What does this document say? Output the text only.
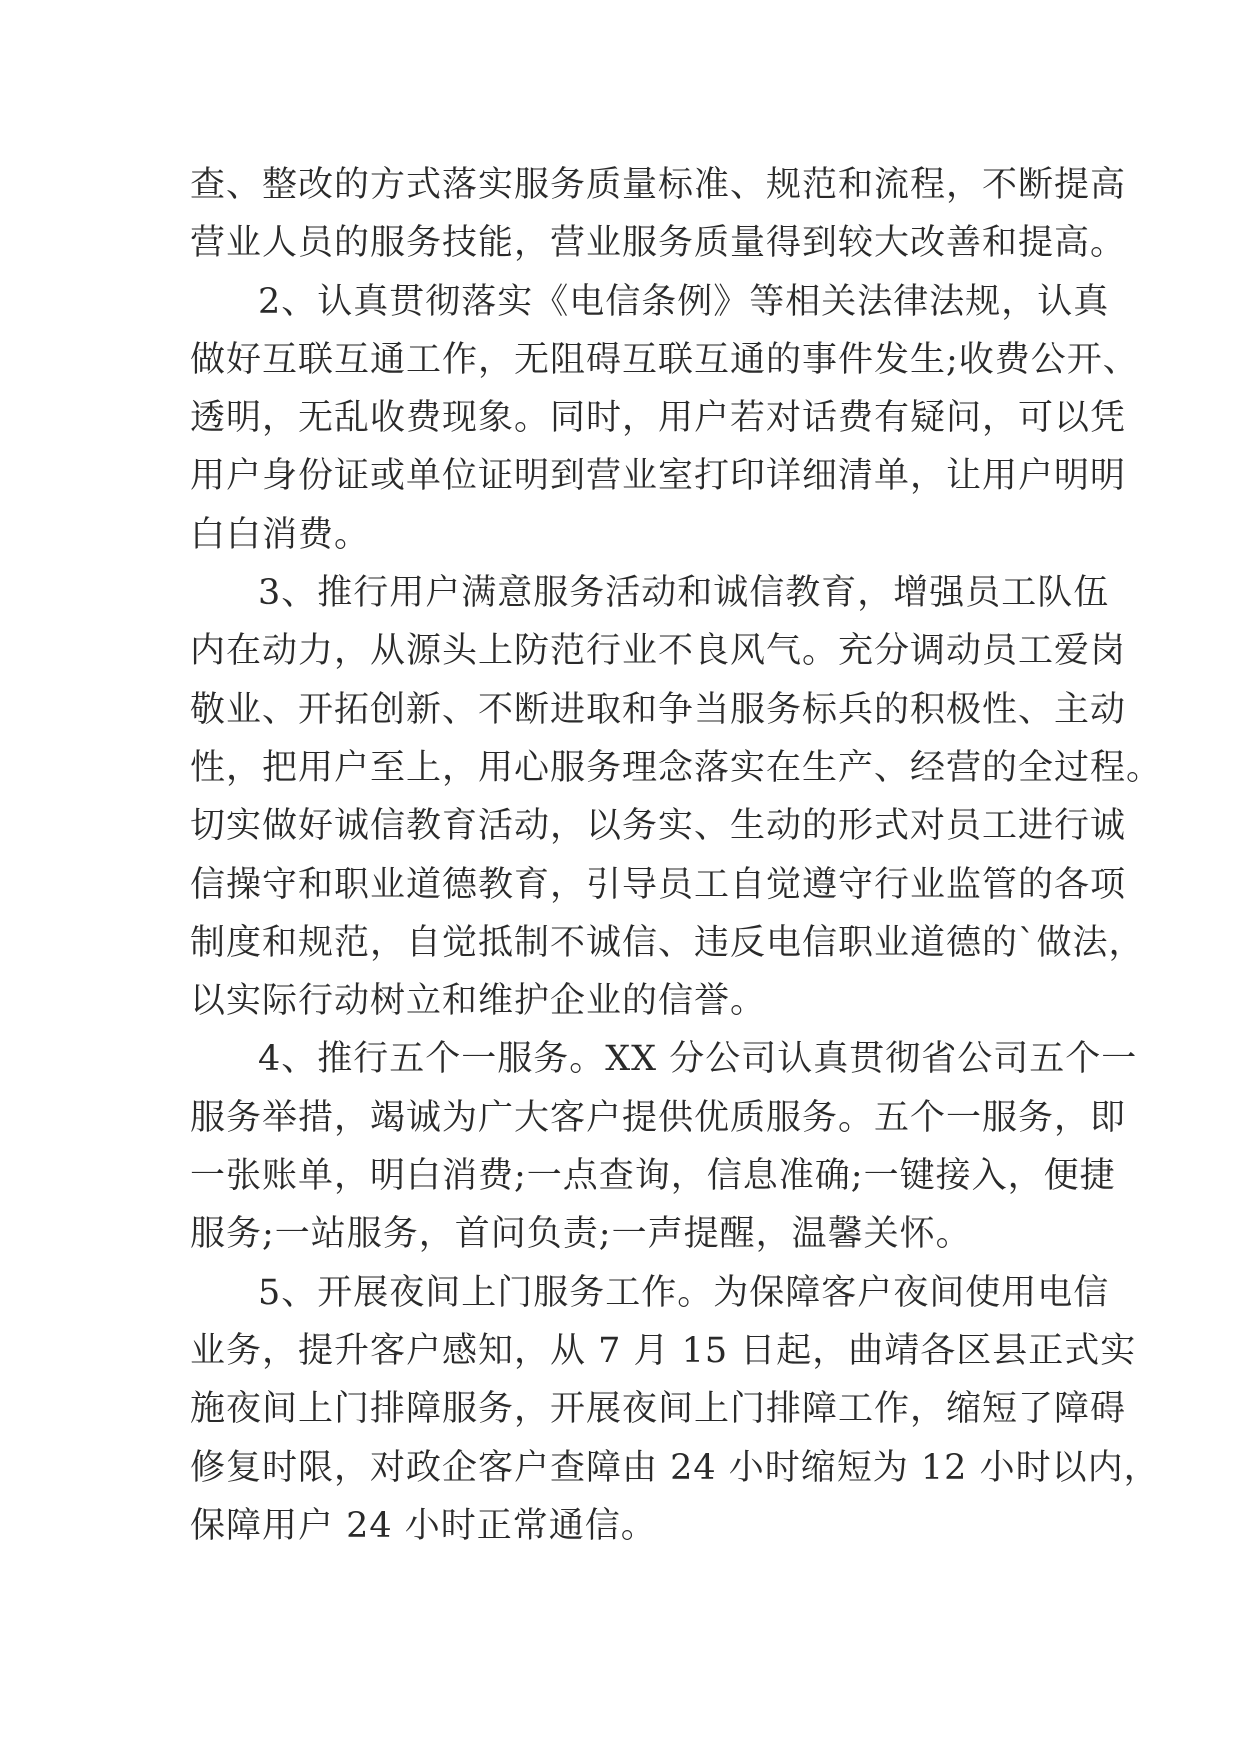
查、整改的方式落实服务质量标准、规范和流程，不断提高
营业人员的服务技能，营业服务质量得到较大改善和提高。

2、认真贯彻落实《电信条例》等相关法律法规，认真
做好互联互通工作，无阻碍互联互通的事件发生;收费公开、
透明，无乱收费现象。同时，用户若对话费有疑问，可以凭
用户身份证或单位证明到营业室打印详细清单，让用户明明
白白消费。

3、推行用户满意服务活动和诚信教育，增强员工队伍
内在动力，从源头上防范行业不良风气。充分调动员工爱岗
敬业、开拓创新、不断进取和争当服务标兵的积极性、主动
性，把用户至上，用心服务理念落实在生产、经营的全过程。
切实做好诚信教育活动，以务实、生动的形式对员工进行诚
信操守和职业道德教育，引导员工自觉遵守行业监管的各项
制度和规范，自觉抵制不诚信、违反电信职业道德的`做法，
以实际行动树立和维护企业的信誉。

4、推行五个一服务。XX 分公司认真贯彻省公司五个一
服务举措，竭诚为广大客户提供优质服务。五个一服务，即
一张账单，明白消费;一点查询，信息准确;一键接入，便捷
服务;一站服务，首问负责;一声提醒，温馨关怀。

5、开展夜间上门服务工作。为保障客户夜间使用电信
业务，提升客户感知，从 7 月 15 日起，曲靖各区县正式实
施夜间上门排障服务，开展夜间上门排障工作，缩短了障碍
修复时限，对政企客户查障由 24 小时缩短为 12 小时以内，
保障用户 24 小时正常通信。
